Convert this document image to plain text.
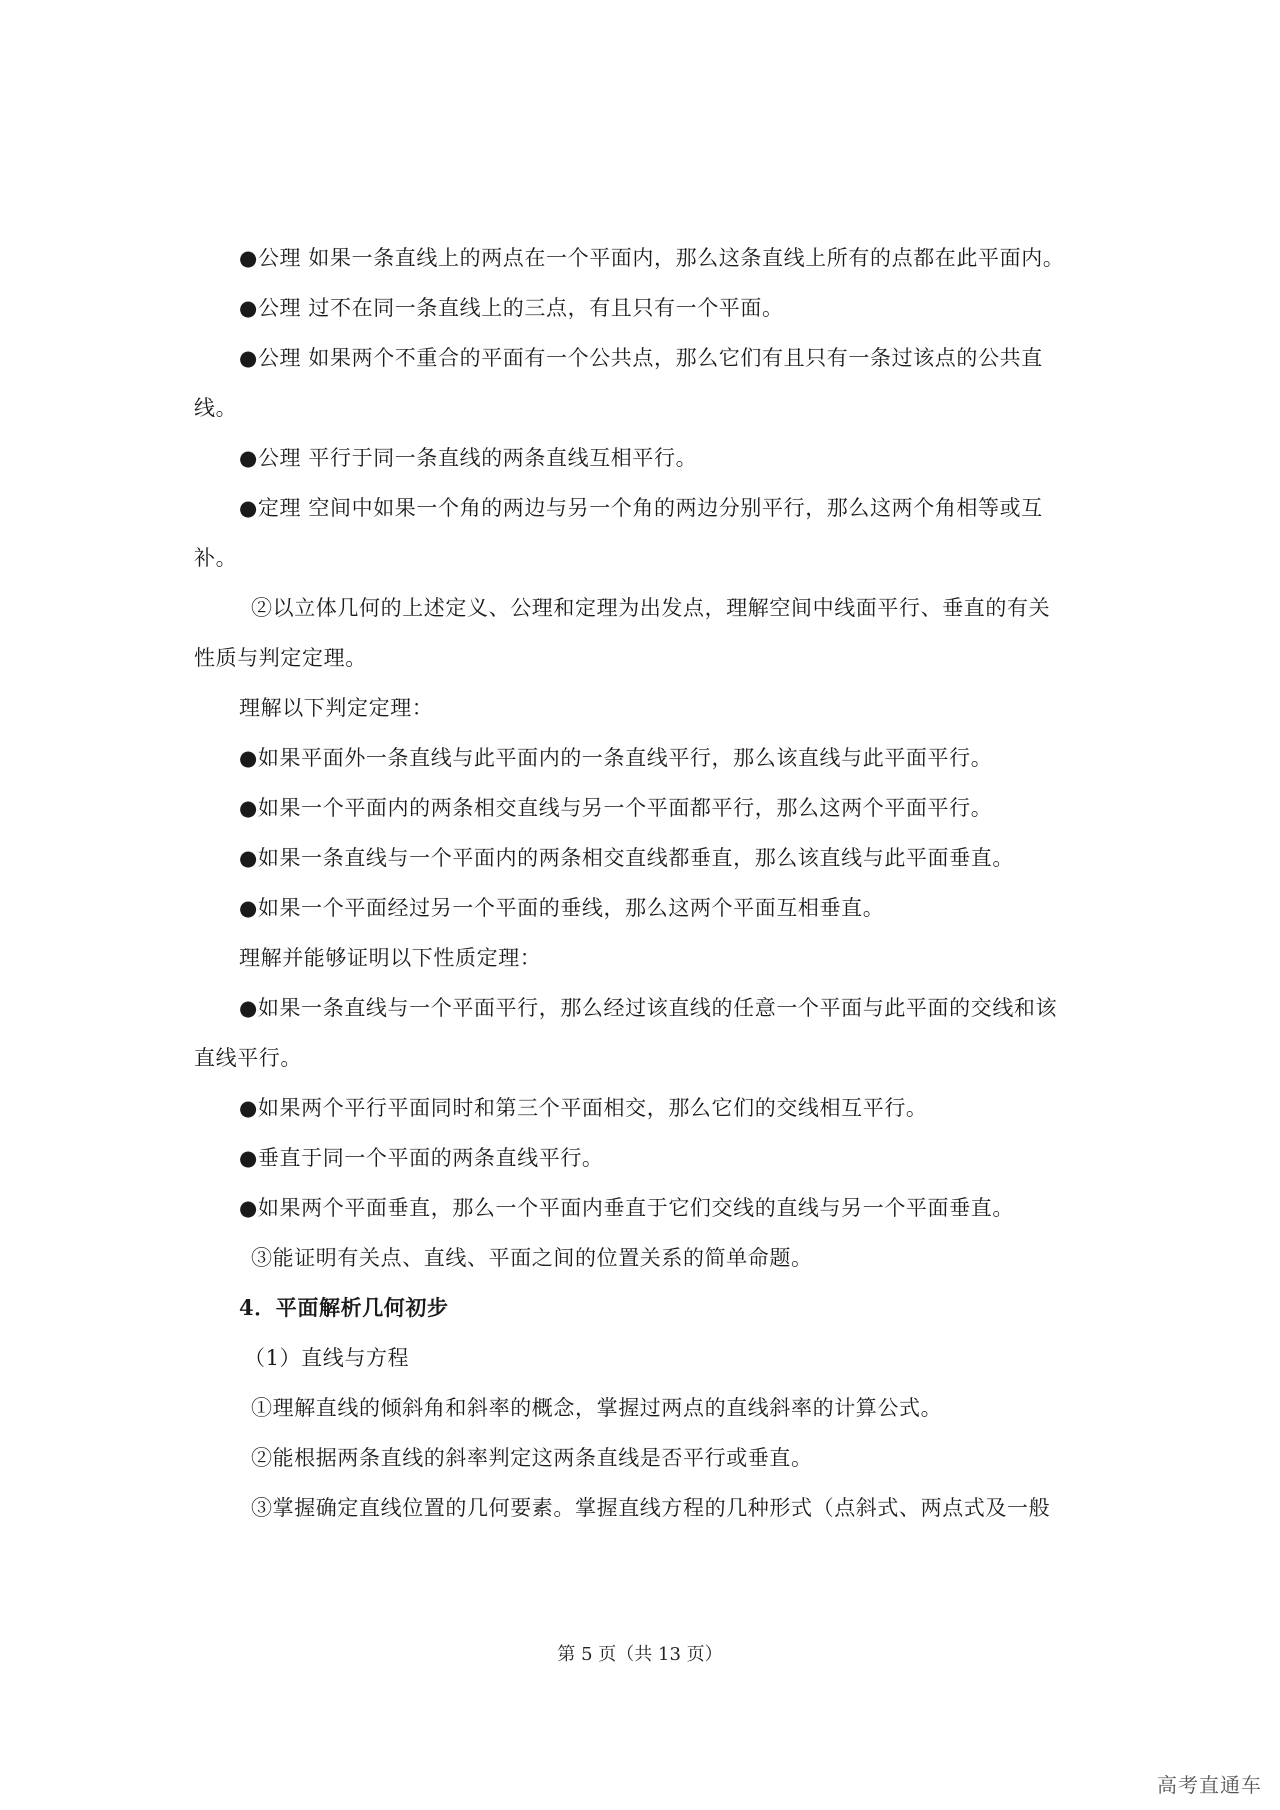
●公理 如果一条直线上的两点在一个平面内，那么这条直线上所有的点都在此平面内。
●公理 过不在同一条直线上的三点，有且只有一个平面。
●公理 如果两个不重合的平面有一个公共点，那么它们有且只有一条过该点的公共直
线。
●公理 平行于同一条直线的两条直线互相平行。
●定理 空间中如果一个角的两边与另一个角的两边分别平行，那么这两个角相等或互
补。
②以立体几何的上述定义、公理和定理为出发点，理解空间中线面平行、垂直的有关
性质与判定定理。
理解以下判定定理：
●如果平面外一条直线与此平面内的一条直线平行，那么该直线与此平面平行。
●如果一个平面内的两条相交直线与另一个平面都平行，那么这两个平面平行。
●如果一条直线与一个平面内的两条相交直线都垂直，那么该直线与此平面垂直。
●如果一个平面经过另一个平面的垂线，那么这两个平面互相垂直。
理解并能够证明以下性质定理：
●如果一条直线与一个平面平行，那么经过该直线的任意一个平面与此平面的交线和该
直线平行。
●如果两个平行平面同时和第三个平面相交，那么它们的交线相互平行。
●垂直于同一个平面的两条直线平行。
●如果两个平面垂直，那么一个平面内垂直于它们交线的直线与另一个平面垂直。
③能证明有关点、直线、平面之间的位置关系的简单命题。
4．平面解析几何初步
（1）直线与方程
①理解直线的倾斜角和斜率的概念，掌握过两点的直线斜率的计算公式。
②能根据两条直线的斜率判定这两条直线是否平行或垂直。
③掌握确定直线位置的几何要素。掌握直线方程的几种形式（点斜式、两点式及一般
第 5 页（共 13 页）
高考直通车
